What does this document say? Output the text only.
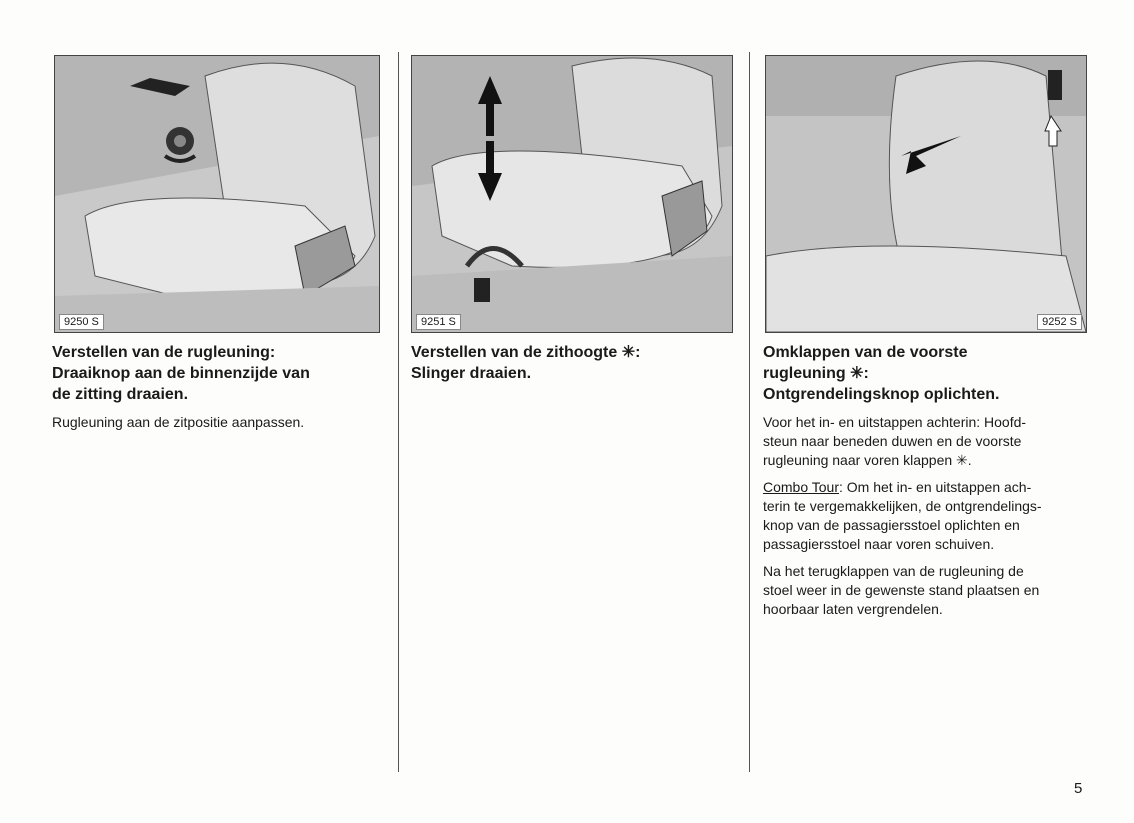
9250 S	9251 S	9252 S

Verstellen van de rugleuning:
Draaiknop aan de binnenzijde van
de zitting draaien.

Rugleuning aan de zitpositie aanpassen.

Verstellen van de zithoogte ✳:
Slinger draaien.

Omklappen van de voorste
rugleuning ✳:
Ontgrendelingsknop oplichten.

Voor het in- en uitstappen achterin: Hoofd-
steun naar beneden duwen en de voorste
rugleuning naar voren klappen ✳.

Combo Tour: Om het in- en uitstappen ach-
terin te vergemakkelijken, de ontgrendelings-
knop van de passagiersstoel oplichten en
passagiersstoel naar voren schuiven.

Na het terugklappen van de rugleuning de
stoel weer in de gewenste stand plaatsen en
hoorbaar laten vergrendelen.

5
